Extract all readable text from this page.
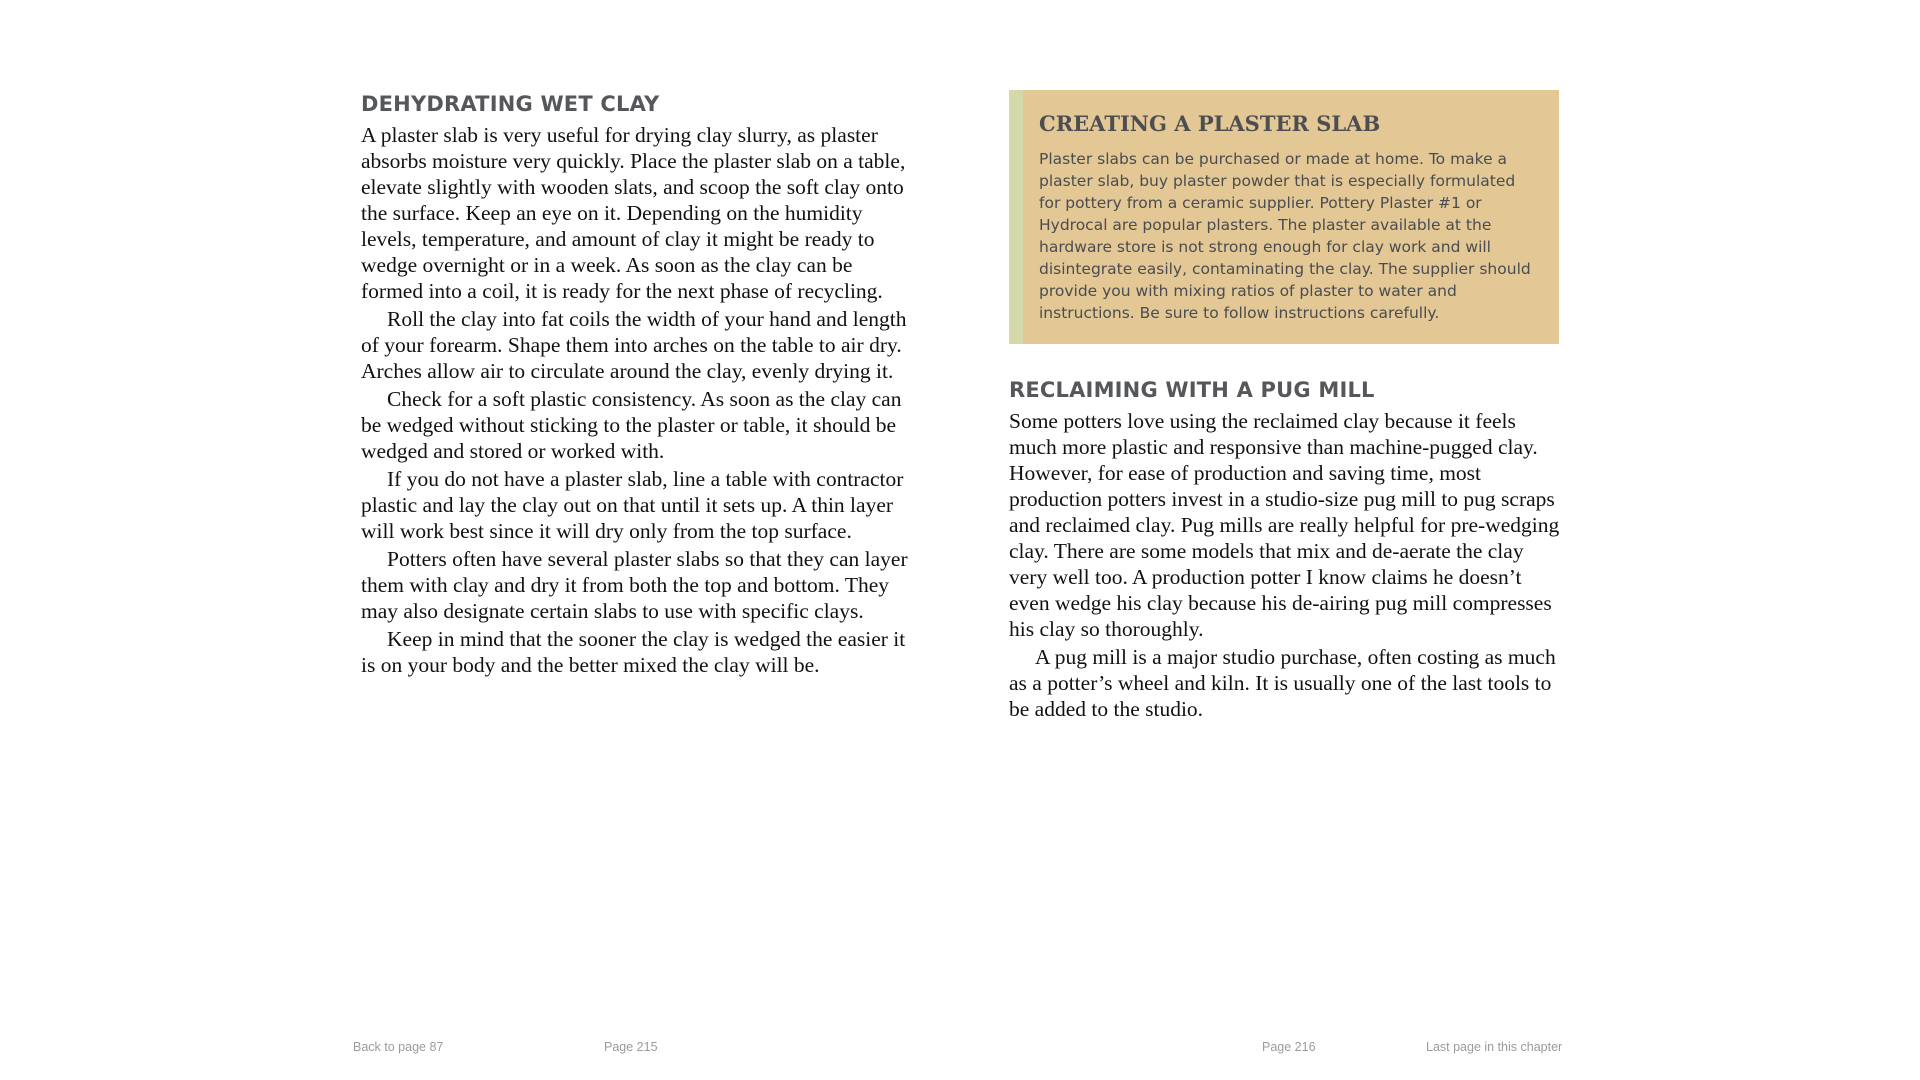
DEHYDRATING WET CLAY

A plaster slab is very useful for drying clay slurry, as plaster absorbs moisture very quickly. Place the plaster slab on a table, elevate slightly with wooden slats, and scoop the soft clay onto the surface. Keep an eye on it. Depending on the humidity levels, temperature, and amount of clay it might be ready to wedge overnight or in a week. As soon as the clay can be formed into a coil, it is ready for the next phase of recycling.

Roll the clay into fat coils the width of your hand and length of your forearm. Shape them into arches on the table to air dry. Arches allow air to circulate around the clay, evenly drying it.

Check for a soft plastic consistency. As soon as the clay can be wedged without sticking to the plaster or table, it should be wedged and stored or worked with.

If you do not have a plaster slab, line a table with contractor plastic and lay the clay out on that until it sets up. A thin layer will work best since it will dry only from the top surface.

Potters often have several plaster slabs so that they can layer them with clay and dry it from both the top and bottom. They may also designate certain slabs to use with specific clays.

Keep in mind that the sooner the clay is wedged the easier it is on your body and the better mixed the clay will be.

CREATING A PLASTER SLAB

Plaster slabs can be purchased or made at home. To make a plaster slab, buy plaster powder that is especially formulated for pottery from a ceramic supplier. Pottery Plaster #1 or Hydrocal are popular plasters. The plaster available at the hardware store is not strong enough for clay work and will disintegrate easily, contaminating the clay. The supplier should provide you with mixing ratios of plaster to water and instructions. Be sure to follow instructions carefully.

RECLAIMING WITH A PUG MILL

Some potters love using the reclaimed clay because it feels much more plastic and responsive than machine-pugged clay. However, for ease of production and saving time, most production potters invest in a studio-size pug mill to pug scraps and reclaimed clay. Pug mills are really helpful for pre-wedging clay. There are some models that mix and de-aerate the clay very well too. A production potter I know claims he doesn’t even wedge his clay because his de-airing pug mill compresses his clay so thoroughly.

A pug mill is a major studio purchase, often costing as much as a potter’s wheel and kiln. It is usually one of the last tools to be added to the studio.

Back to page 87	Page 215	Page 216	Last page in this chapter
